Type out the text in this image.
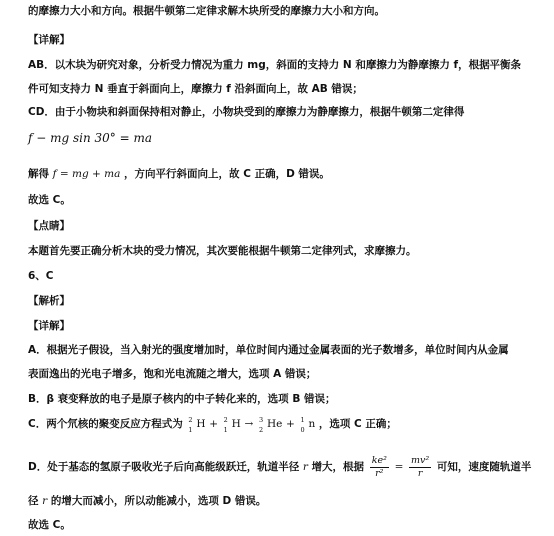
的摩擦力大小和方向。根据牛顿第二定律求解木块所受的摩擦力大小和方向。
【详解】
AB．以木块为研究对象，分析受力情况为重力 mg，斜面的支持力 N 和摩擦力为静摩擦力 f，根据平衡条
件可知支持力 N 垂直于斜面向上，摩擦力 f 沿斜面向上，故 AB 错误；
CD．由于小物块和斜面保持相对静止，小物块受到的摩擦力为静摩擦力，根据牛顿第二定律得
f − mg sin 30° = ma
解得 f = mg + ma ，方向平行斜面向上，故 C 正确，D 错误。
故选 C。
【点睛】
本题首先要正确分析木块的受力情况，其次要能根据牛顿第二定律列式，求摩擦力。
6、C
【解析】
【详解】
A．根据光子假设，当入射光的强度增加时，单位时间内通过金属表面的光子数增多，单位时间内从金属
表面逸出的光电子增多，饱和光电流随之增大，选项 A 错误；
B．β 衰变释放的电子是原子核内的中子转化来的，选项 B 错误；
C．两个氘核的聚变反应方程式为 2
1 H + 2
1 H → 3
2 He + 1
0 n ，选项 C 正确；
D．处于基态的氢原子吸收光子后向高能级跃迁，轨道半径 r 增大，根据 $\frac{\text{ke²}}{\text{r²}} = \frac{\text{mv²}}{r}$ 可知，速度随轨道半
径 r 的增大而减小，所以动能减小，选项 D 错误。
故选 C。
